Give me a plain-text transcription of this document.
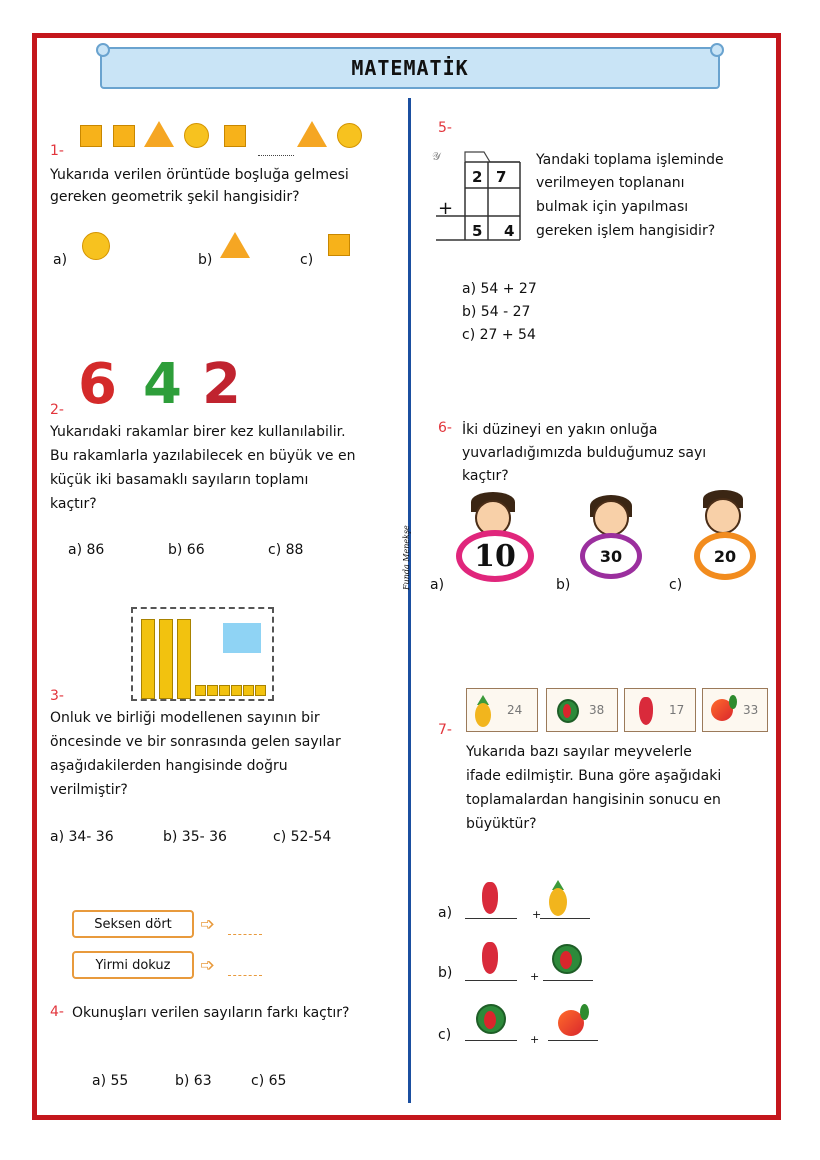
MATEMATİK
Funda Menekşe
1-
Yukarıda verilen örüntüde boşluğa gelmesi
gereken geometrik şekil hangisidir?
a)	b)	c)
6 4 2
2-
Yukarıdaki rakamlar birer kez kullanılabilir.
Bu rakamlarla yazılabilecek en büyük ve en
küçük iki basamaklı sayıların toplamı
kaçtır?
a) 86	b) 66	c) 88
3-
Onluk ve birliği modellenen sayının bir
öncesinde ve bir sonrasında gelen sayılar
aşağıdakilerden hangisinde doğru
verilmiştir?
a) 34- 36	b) 35- 36	c) 52-54
Seksen dört	➩
Yirmi dokuz	➩
4- Okunuşları verilen sayıların farkı kaçtır?
a) 55	b) 63	c) 65
5-
𝒴
2 7
+
5 4
Yandaki toplama işleminde
verilmeyen toplananı
bulmak için yapılması
gereken işlem hangisidir?
a) 54 + 27
b) 54 - 27
c) 27 + 54
6- İki düzineyi en yakın onluğa
yuvarladığımızda bulduğumuz sayı
kaçtır?
10
a)
30
b)
20
c)
24	38	17	33
7-
Yukarıda bazı sayılar meyvelerle
ifade edilmiştir. Buna göre aşağıdaki
toplamalardan hangisinin sonucu en
büyüktür?
a)	+
b)	+
c)	+
